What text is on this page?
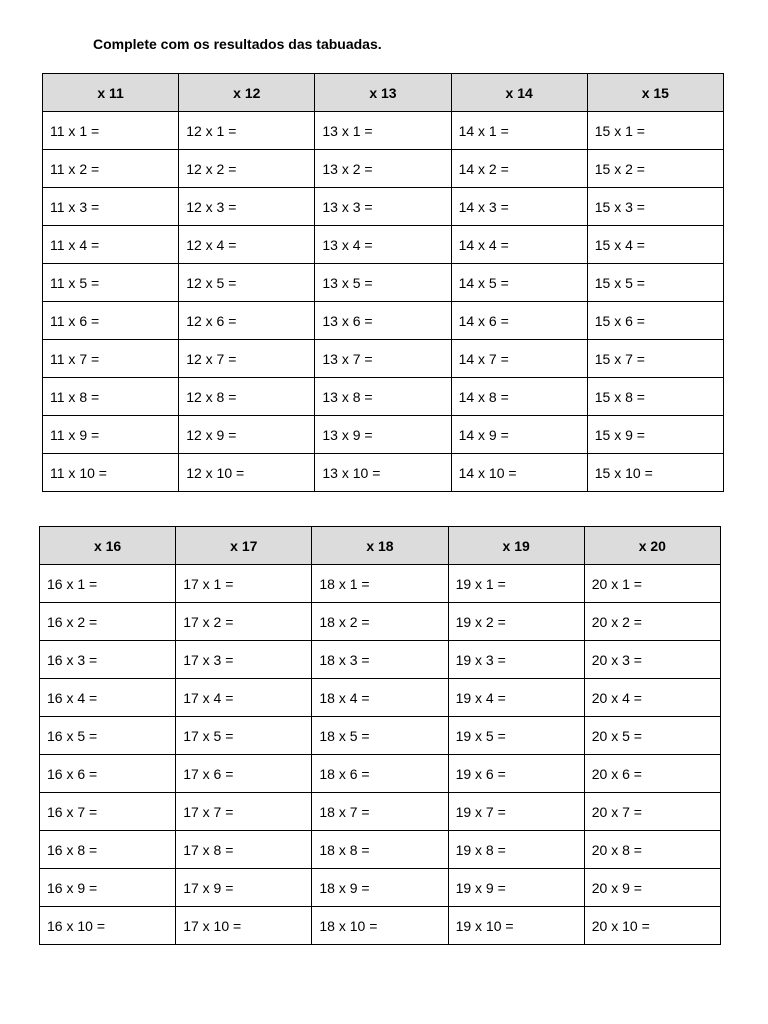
Complete com os resultados das tabuadas.
x 11	x 12	x 13	x 14	x 15
11 x 1 =	12 x 1 =	13 x 1 =	14 x 1 =	15 x 1 =
11 x 2 =	12 x 2 =	13 x 2 =	14 x 2 =	15 x 2 =
11 x 3 =	12 x 3 =	13 x 3 =	14 x 3 =	15 x 3 =
11 x 4 =	12 x 4 =	13 x 4 =	14 x 4 =	15 x 4 =
11 x 5 =	12 x 5 =	13 x 5 =	14 x 5 =	15 x 5 =
11 x 6 =	12 x 6 =	13 x 6 =	14 x 6 =	15 x 6 =
11 x 7 =	12 x 7 =	13 x 7 =	14 x 7 =	15 x 7 =
11 x 8 =	12 x 8 =	13 x 8 =	14 x 8 =	15 x 8 =
11 x 9 =	12 x 9 =	13 x 9 =	14 x 9 =	15 x 9 =
11 x 10 =	12 x 10 =	13 x 10 =	14 x 10 =	15 x 10 =
x 16	x 17	x 18	x 19	x 20
16 x 1 =	17 x 1 =	18 x 1 =	19 x 1 =	20 x 1 =
16 x 2 =	17 x 2 =	18 x 2 =	19 x 2 =	20 x 2 =
16 x 3 =	17 x 3 =	18 x 3 =	19 x 3 =	20 x 3 =
16 x 4 =	17 x 4 =	18 x 4 =	19 x 4 =	20 x 4 =
16 x 5 =	17 x 5 =	18 x 5 =	19 x 5 =	20 x 5 =
16 x 6 =	17 x 6 =	18 x 6 =	19 x 6 =	20 x 6 =
16 x 7 =	17 x 7 =	18 x 7 =	19 x 7 =	20 x 7 =
16 x 8 =	17 x 8 =	18 x 8 =	19 x 8 =	20 x 8 =
16 x 9 =	17 x 9 =	18 x 9 =	19 x 9 =	20 x 9 =
16 x 10 =	17 x 10 =	18 x 10 =	19 x 10 =	20 x 10 =
